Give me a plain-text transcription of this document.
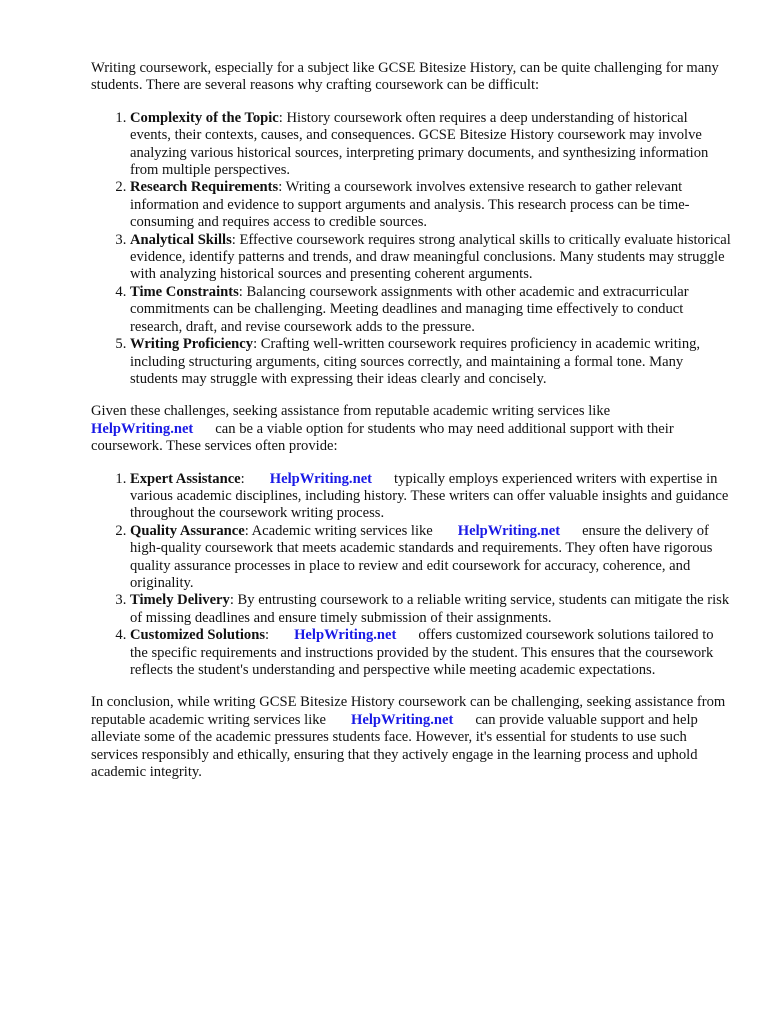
Writing coursework, especially for a subject like GCSE Bitesize History, can be quite challenging for many students. There are several reasons why crafting coursework can be difficult:

1. Complexity of the Topic: History coursework often requires a deep understanding of historical events, their contexts, causes, and consequences. GCSE Bitesize History coursework may involve analyzing various historical sources, interpreting primary documents, and synthesizing information from multiple perspectives.
2. Research Requirements: Writing a coursework involves extensive research to gather relevant information and evidence to support arguments and analysis. This research process can be time-consuming and requires access to credible sources.
3. Analytical Skills: Effective coursework requires strong analytical skills to critically evaluate historical evidence, identify patterns and trends, and draw meaningful conclusions. Many students may struggle with analyzing historical sources and presenting coherent arguments.
4. Time Constraints: Balancing coursework assignments with other academic and extracurricular commitments can be challenging. Meeting deadlines and managing time effectively to conduct research, draft, and revise coursework adds to the pressure.
5. Writing Proficiency: Crafting well-written coursework requires proficiency in academic writing, including structuring arguments, citing sources correctly, and maintaining a formal tone. Many students may struggle with expressing their ideas clearly and concisely.

Given these challenges, seeking assistance from reputable academic writing services like
HelpWriting.net can be a viable option for students who may need additional support with their coursework. These services often provide:

1. Expert Assistance: HelpWriting.net typically employs experienced writers with expertise in various academic disciplines, including history. These writers can offer valuable insights and guidance throughout the coursework writing process.
2. Quality Assurance: Academic writing services like HelpWriting.net ensure the delivery of high-quality coursework that meets academic standards and requirements. They often have rigorous quality assurance processes in place to review and edit coursework for accuracy, coherence, and originality.
3. Timely Delivery: By entrusting coursework to a reliable writing service, students can mitigate the risk of missing deadlines and ensure timely submission of their assignments.
4. Customized Solutions: HelpWriting.net offers customized coursework solutions tailored to the specific requirements and instructions provided by the student. This ensures that the coursework reflects the student's understanding and perspective while meeting academic expectations.

In conclusion, while writing GCSE Bitesize History coursework can be challenging, seeking assistance from reputable academic writing services like HelpWriting.net can provide valuable support and help alleviate some of the academic pressures students face. However, it's essential for students to use such services responsibly and ethically, ensuring that they actively engage in the learning process and uphold academic integrity.
